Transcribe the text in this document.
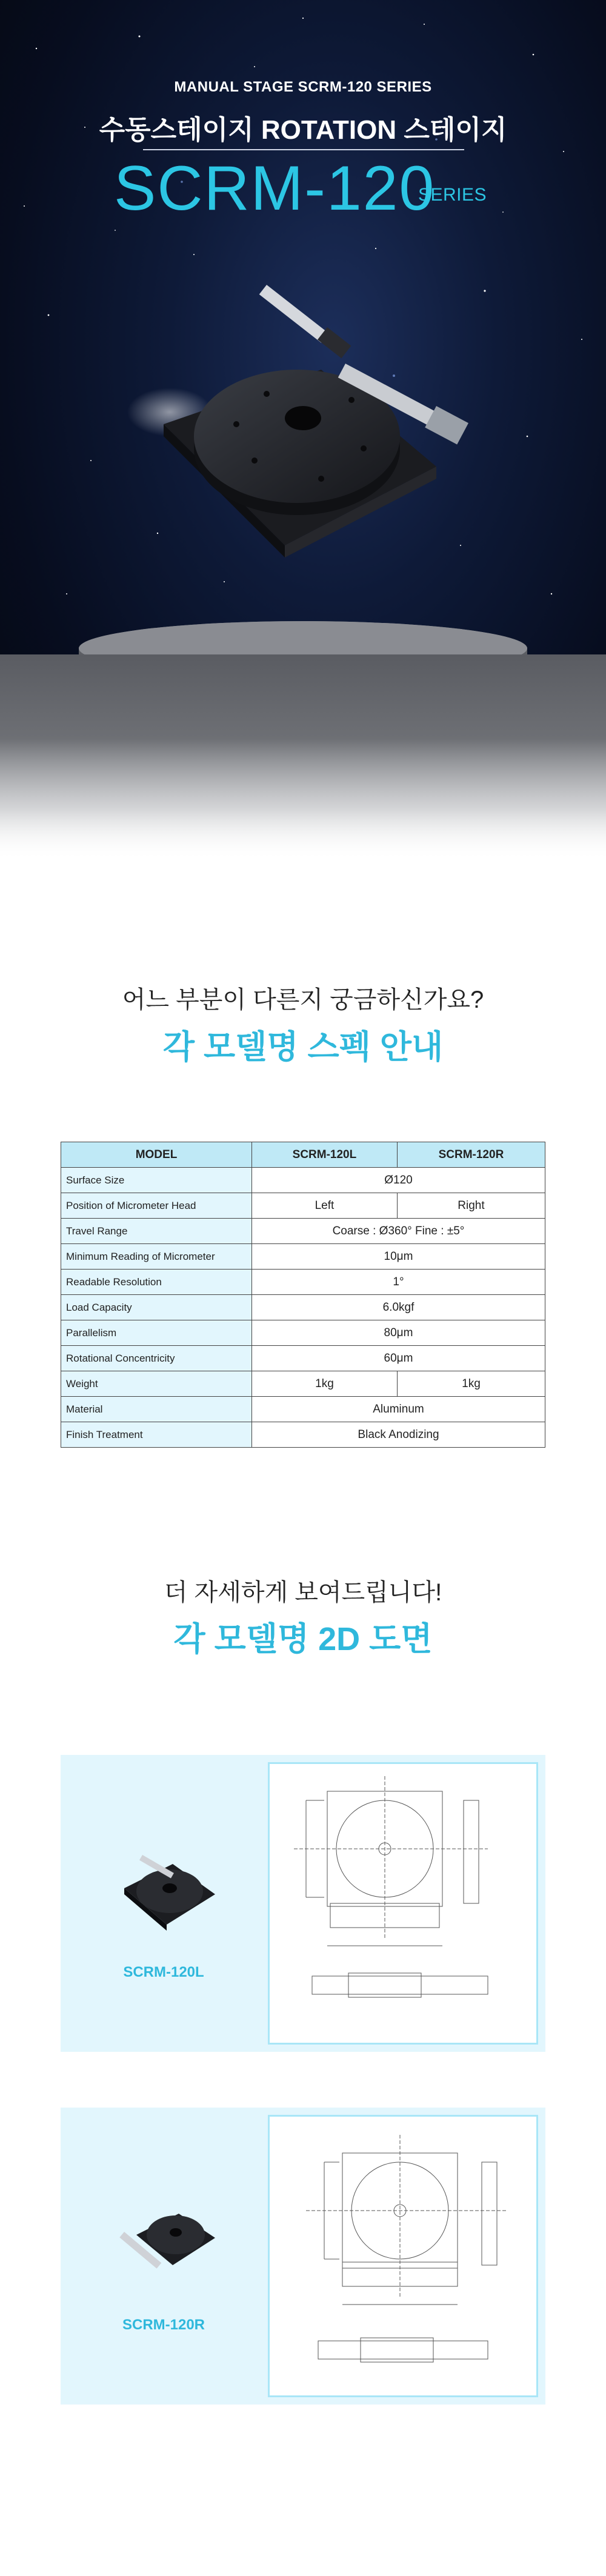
MANUAL STAGE SCRM-120 SERIES
수동스테이지 ROTATION 스테이지
SCRM-120
SERIES
어느 부분이 다른지 궁금하신가요?
각 모델명 스펙 안내
MODEL	SCRM-120L	SCRM-120R
Surface Size	Ø120	
Position of Micrometer Head	Left	Right
Travel Range	Coarse : Ø360° Fine : ±5°	
Minimum Reading of Micrometer	10μm	
Readable Resolution	1°	
Load Capacity	6.0kgf	
Parallelism	80μm	
Rotational Concentricity	60μm	
Weight	1kg	1kg
Material	Aluminum	
Finish Treatment	Black Anodizing	
더 자세하게 보여드립니다!
각 모델명 2D 도면
SCRM-120L
SCRM-120R
